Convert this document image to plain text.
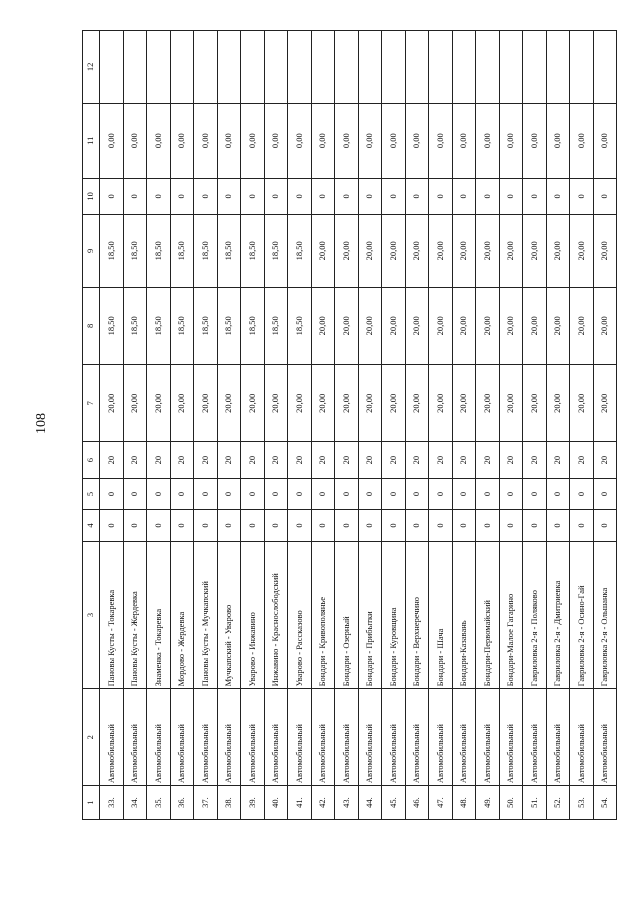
108
1	2	3	4	5	6	7	8	9	10	11	12
33.	Автомобильный	Пановы Кусты - Токаревка	0	0	20	20,00	18,50	18,50	0	0,00	
34.	Автомобильный	Пановы Кусты - Жердевка	0	0	20	20,00	18,50	18,50	0	0,00	
35.	Автомобильный	Знаменка - Токаревка	0	0	20	20,00	18,50	18,50	0	0,00	
36.	Автомобильный	Мордово - Жердевка	0	0	20	20,00	18,50	18,50	0	0,00	
37.	Автомобильный	Пановы Кусты - Мучкапский	0	0	20	20,00	18,50	18,50	0	0,00	
38.	Автомобильный	Мучкапский - Уварово	0	0	20	20,00	18,50	18,50	0	0,00	
39.	Автомобильный	Уварово - Инжавино	0	0	20	20,00	18,50	18,50	0	0,00	
40.	Автомобильный	Инжавино - Краснослободский	0	0	20	20,00	18,50	18,50	0	0,00	
41.	Автомобильный	Уварово - Рассказово	0	0	20	20,00	18,50	18,50	0	0,00	
42.	Автомобильный	Бондари - Кривополянье	0	0	20	20,00	20,00	20,00	0	0,00	
43.	Автомобильный	Бондари - Озерный	0	0	20	20,00	20,00	20,00	0	0,00	
44.	Автомобильный	Бондари - Прибытки	0	0	20	20,00	20,00	20,00	0	0,00	
45.	Автомобильный	Бондари - Куровщина	0	0	20	20,00	20,00	20,00	0	0,00	
46.	Автомобильный	Бондари - Верхнеречино	0	0	20	20,00	20,00	20,00	0	0,00	
47.	Автомобильный	Бондари - Шача	0	0	20	20,00	20,00	20,00	0	0,00	
48.	Автомобильный	Бондари-Казавань	0	0	20	20,00	20,00	20,00	0	0,00	
49.	Автомобильный	Бондари-Первомайский	0	0	20	20,00	20,00	20,00	0	0,00	
50.	Автомобильный	Бондари-Малое Гагарино	0	0	20	20,00	20,00	20,00	0	0,00	
51.	Автомобильный	Гавриловка 2-я - Поляково	0	0	20	20,00	20,00	20,00	0	0,00	
52.	Автомобильный	Гавриловка 2-я - Дмитриевка	0	0	20	20,00	20,00	20,00	0	0,00	
53.	Автомобильный	Гавриловка 2-я - Осино-Гай	0	0	20	20,00	20,00	20,00	0	0,00	
54.	Автомобильный	Гавриловка 2-я - Ольшанка	0	0	20	20,00	20,00	20,00	0	0,00	
